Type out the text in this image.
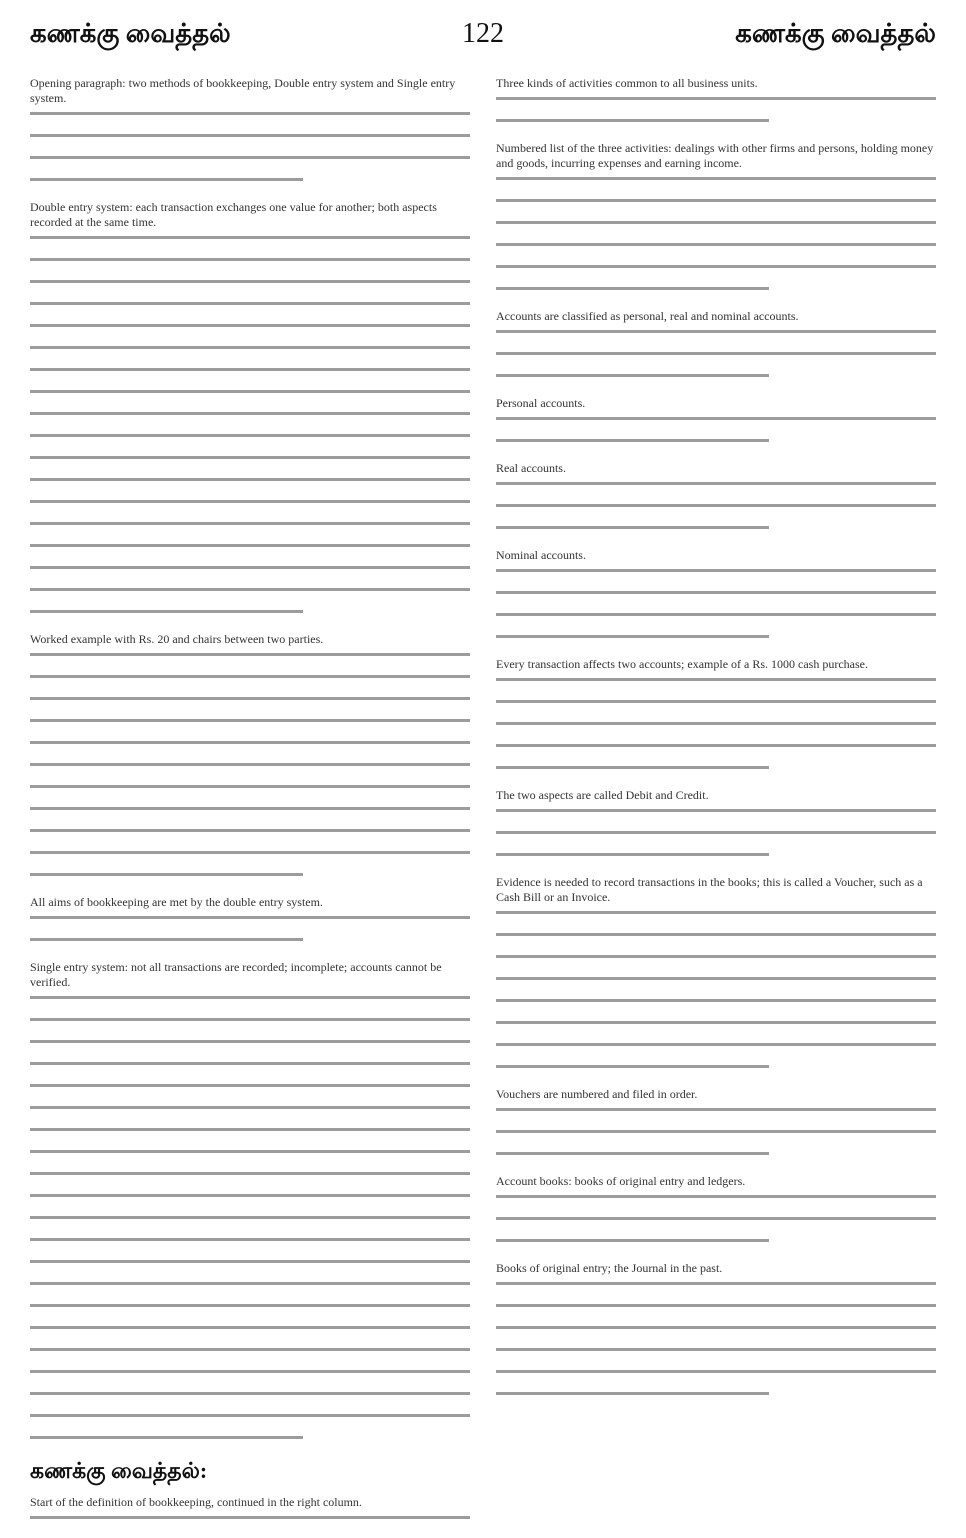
கணக்கு வைத்தல்	122	கணக்கு வைத்தல்
Opening paragraph: two methods of bookkeeping, Double entry system and Single entry system.
Double entry system: each transaction exchanges one value for another; both aspects recorded at the same time.
Worked example with Rs. 20 and chairs between two parties.
All aims of bookkeeping are met by the double entry system.
Single entry system: not all transactions are recorded; incomplete; accounts cannot be verified.
கணக்கு வைத்தல்:
Start of the definition of bookkeeping, continued in the right column.
Three kinds of activities common to all business units.
Numbered list of the three activities: dealings with other firms and persons, holding money and goods, incurring expenses and earning income.
Accounts are classified as personal, real and nominal accounts.
Personal accounts.
Real accounts.
Nominal accounts.
Every transaction affects two accounts; example of a Rs. 1000 cash purchase.
The two aspects are called Debit and Credit.
Evidence is needed to record transactions in the books; this is called a Voucher, such as a Cash Bill or an Invoice.
Vouchers are numbered and filed in order.
Account books: books of original entry and ledgers.
Books of original entry; the Journal in the past.
